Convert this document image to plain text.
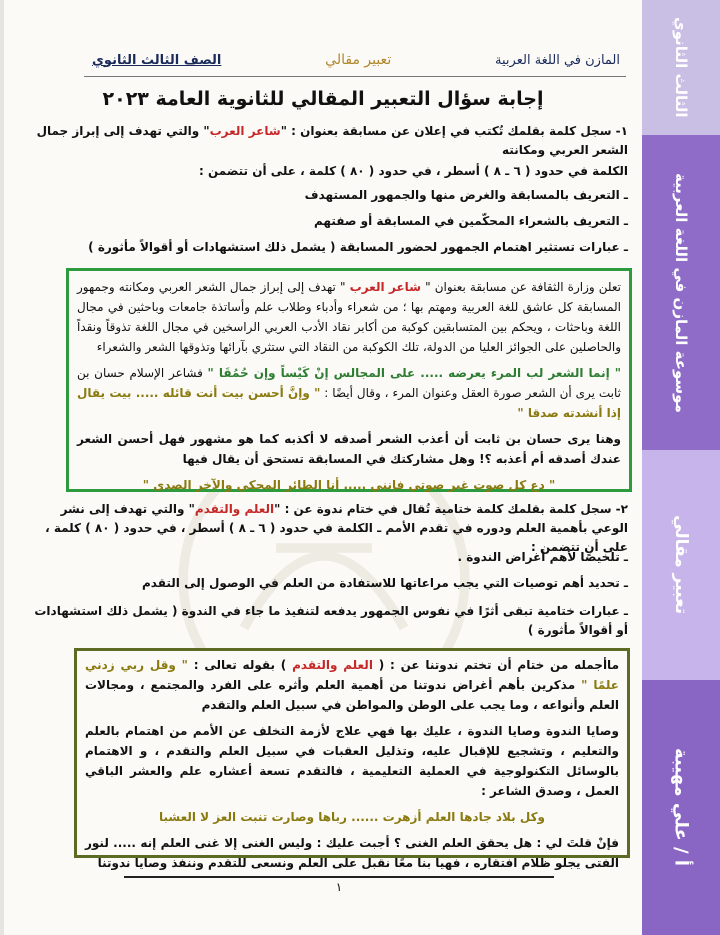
الثالث الثانوي
موسوعة المازن في اللغة العربية
تعبير مقالي
أ / علي مهيبة
المازن في اللغة العربية
تعبير مقالي
الصف الثالث الثانوي
إجابة سؤال التعبير المقالي للثانوية العامة ٢٠٢٣
١- سجل كلمة بقلمك تُكتب في إعلان عن مسابقة بعنوان : "شاعر العرب" والتي تهدف إلى إبراز جمال الشعر العربي ومكانته
الكلمة في حدود ( ٦ ـ ٨ ) أسطر ، في حدود ( ٨٠ ) كلمة ، على أن تتضمن :
ـ التعريف بالمسابقة والغرض منها والجمهور المستهدف
ـ التعريف بالشعراء المحكّمين في المسابقة أو صفتهم
ـ عبارات تستثير اهتمام الجمهور لحضور المسابقة ( يشمل ذلك استشهادات أو أقوالاً مأثورة )
تعلن وزارة الثقافة عن مسابقة بعنوان " شاعر العرب " تهدف إلى إبراز جمال الشعر العربي ومكانته وجمهور المسابقة كل عاشق للغة العربية ومهتم بها ؛ من شعراء وأدباء وطلاب علم وأساتذة جامعات وباحثين في مجال اللغة وباحثات ، ويحكم بين المتسابقين كوكبة من أكابر نقاد الأدب العربي الراسخين في مجال اللغة تذوقاً ونقداً والحاصلين على الجوائز العليا من الدولة، تلك الكوكبة من النقاد التي ستثري بآرائها وتذوقها الشعر والشعراء
" إنما الشعر لب المرء يعرضه ..... على المجالس إنْ كَيْساً وإن حُمُقَا " فشاعر الإسلام حسان بن ثابت يرى أن الشعر صورة العقل وعنوان المرء ، وقال أيضًا : " وإنَّ أحسن بيت أنت قائله ..... بيت يقال إذا أنشدته صدقا "
وهنا يرى حسان بن ثابت أن أعذب الشعر أصدقه لا أكذبه كما هو مشهور فهل أحسن الشعر عندك أصدقه أم أعذبه ؟! وهل مشاركتك في المسابقة تستحق أن يقال فيها
" دع كل صوت غير صوتي فإنني ..... أنا الطائر المحكي والآخر الصدى "
٢- سجل كلمة بقلمك كلمة ختامية تُقال في ختام ندوة عن : "العلم والتقدم" والتي تهدف إلى نشر الوعي بأهمية العلم ودوره في تقدم الأمم ـ الكلمة في حدود ( ٦ ـ ٨ ) أسطر ، في حدود ( ٨٠ ) كلمة ، على أن تتضمن :
ـ تلخيصًا لأهم أغراض الندوة .
ـ تحديد أهم توصيات التي يجب مراعاتها للاستفادة من العلم في الوصول إلى التقدم
ـ عبارات ختامية تبقى أثرًا في نفوس الجمهور يدفعه لتنفيذ ما جاء في الندوة ( يشمل ذلك استشهادات أو أقوالاً مأثورة )
ماأجمله من ختام أن تختم ندوتنا عن : ( العلم والتقدم ) بقوله تعالى : " وقل ربي زدني علمًا " مذكرين بأهم أغراض ندوتنا من أهمية العلم وأثره على الفرد والمجتمع ، ومجالات العلم وأنواعه ، وما يجب على الوطن والمواطن في سبيل العلم والتقدم
وصايا الندوة وصايا الندوة ، عليك بها فهي علاج لأزمة التخلف عن الأمم من اهتمام بالعلم والتعليم ، وتشجيع للإقبال عليه، وتذليل العقبات في سبيل العلم والتقدم ، و الاهتمام بالوسائل التكنولوجية في العملية التعليمية ، فالتقدم تسعة أعشاره علم والعشر الباقي العمل ، وصدق الشاعر :
وكل بلاد جادها العلم أزهرت ...... رباها وصارت تنبت العز لا العشبا
فإنْ قلتَ لي : هل يحقق العلم الغنى ؟ أجبت عليك : وليس الغنى إلا غنى العلم إنه ..... لنور الفتى يجلو ظلام افتقاره ، فهيا بنا معًا نقبل على العلم ونسعى للتقدم وننفذ وصايا ندوتنا
١
